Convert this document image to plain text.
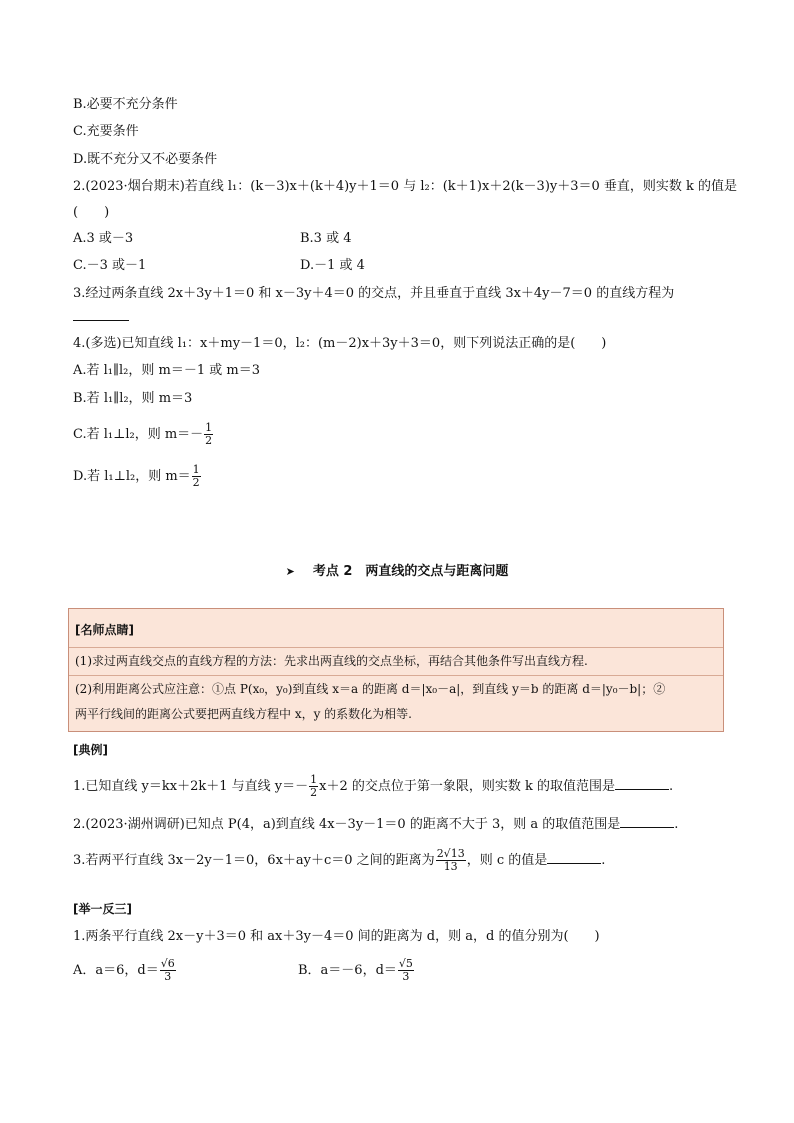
B.必要不充分条件
C.充要条件
D.既不充分又不必要条件
2.(2023·烟台期末)若直线 l₁：(k－3)x＋(k＋4)y＋1＝0 与 l₂：(k＋1)x＋2(k－3)y＋3＝0 垂直，则实数 k 的值是
(　　)
A.3 或－3	B.3 或 4
C.－3 或－1	D.－1 或 4
3.经过两条直线 2x＋3y＋1＝0 和 x－3y＋4＝0 的交点，并且垂直于直线 3x＋4y－7＝0 的直线方程为
4.(多选)已知直线 l₁：x＋my－1＝0，l₂：(m－2)x＋3y＋3＝0，则下列说法正确的是(　　)
A.若 l₁∥l₂，则 m＝－1 或 m＝3
B.若 l₁∥l₂，则 m＝3
C.若 l₁⊥l₂，则 $m=- \frac{1}{2}$
D.若 l₁⊥l₂，则 $m= \frac{1}{2}$
➤ 考点 2　两直线的交点与距离问题
[名师点睛]
(1)求过两直线交点的直线方程的方法：先求出两直线的交点坐标，再结合其他条件写出直线方程.
(2)利用距离公式应注意：①点 P(x₀，y₀)到直线 x＝a 的距离 d＝|x₀－a|，到直线 y＝b 的距离 d＝|y₀－b|；②
两平行线间的距离公式要把两直线方程中 x，y 的系数化为相等.
[典例]
1.已知直线 y＝kx＋2k＋1 与直线 $y=- \frac{1}{2} x+2$ 的交点位于第一象限，则实数 k 的取值范围是	.
2.(2023·湖州调研)已知点 P(4，a)到直线 4x－3y－1＝0 的距离不大于 3，则 a 的取值范围是	.
3.若两平行直线 3x－2y－1＝0，6x＋ay＋c＝0 之间的距离为 $\frac{2√13}{13}$ ，则 c 的值是	.
[举一反三]
1.两条平行直线 2x－y＋3＝0 和 ax＋3y－4＝0 间的距离为 d，则 a，d 的值分别为(　　)
A．a＝6，$d= \frac{√6}{3}$	B．a＝－6，$d= \frac{√5}{3}$
